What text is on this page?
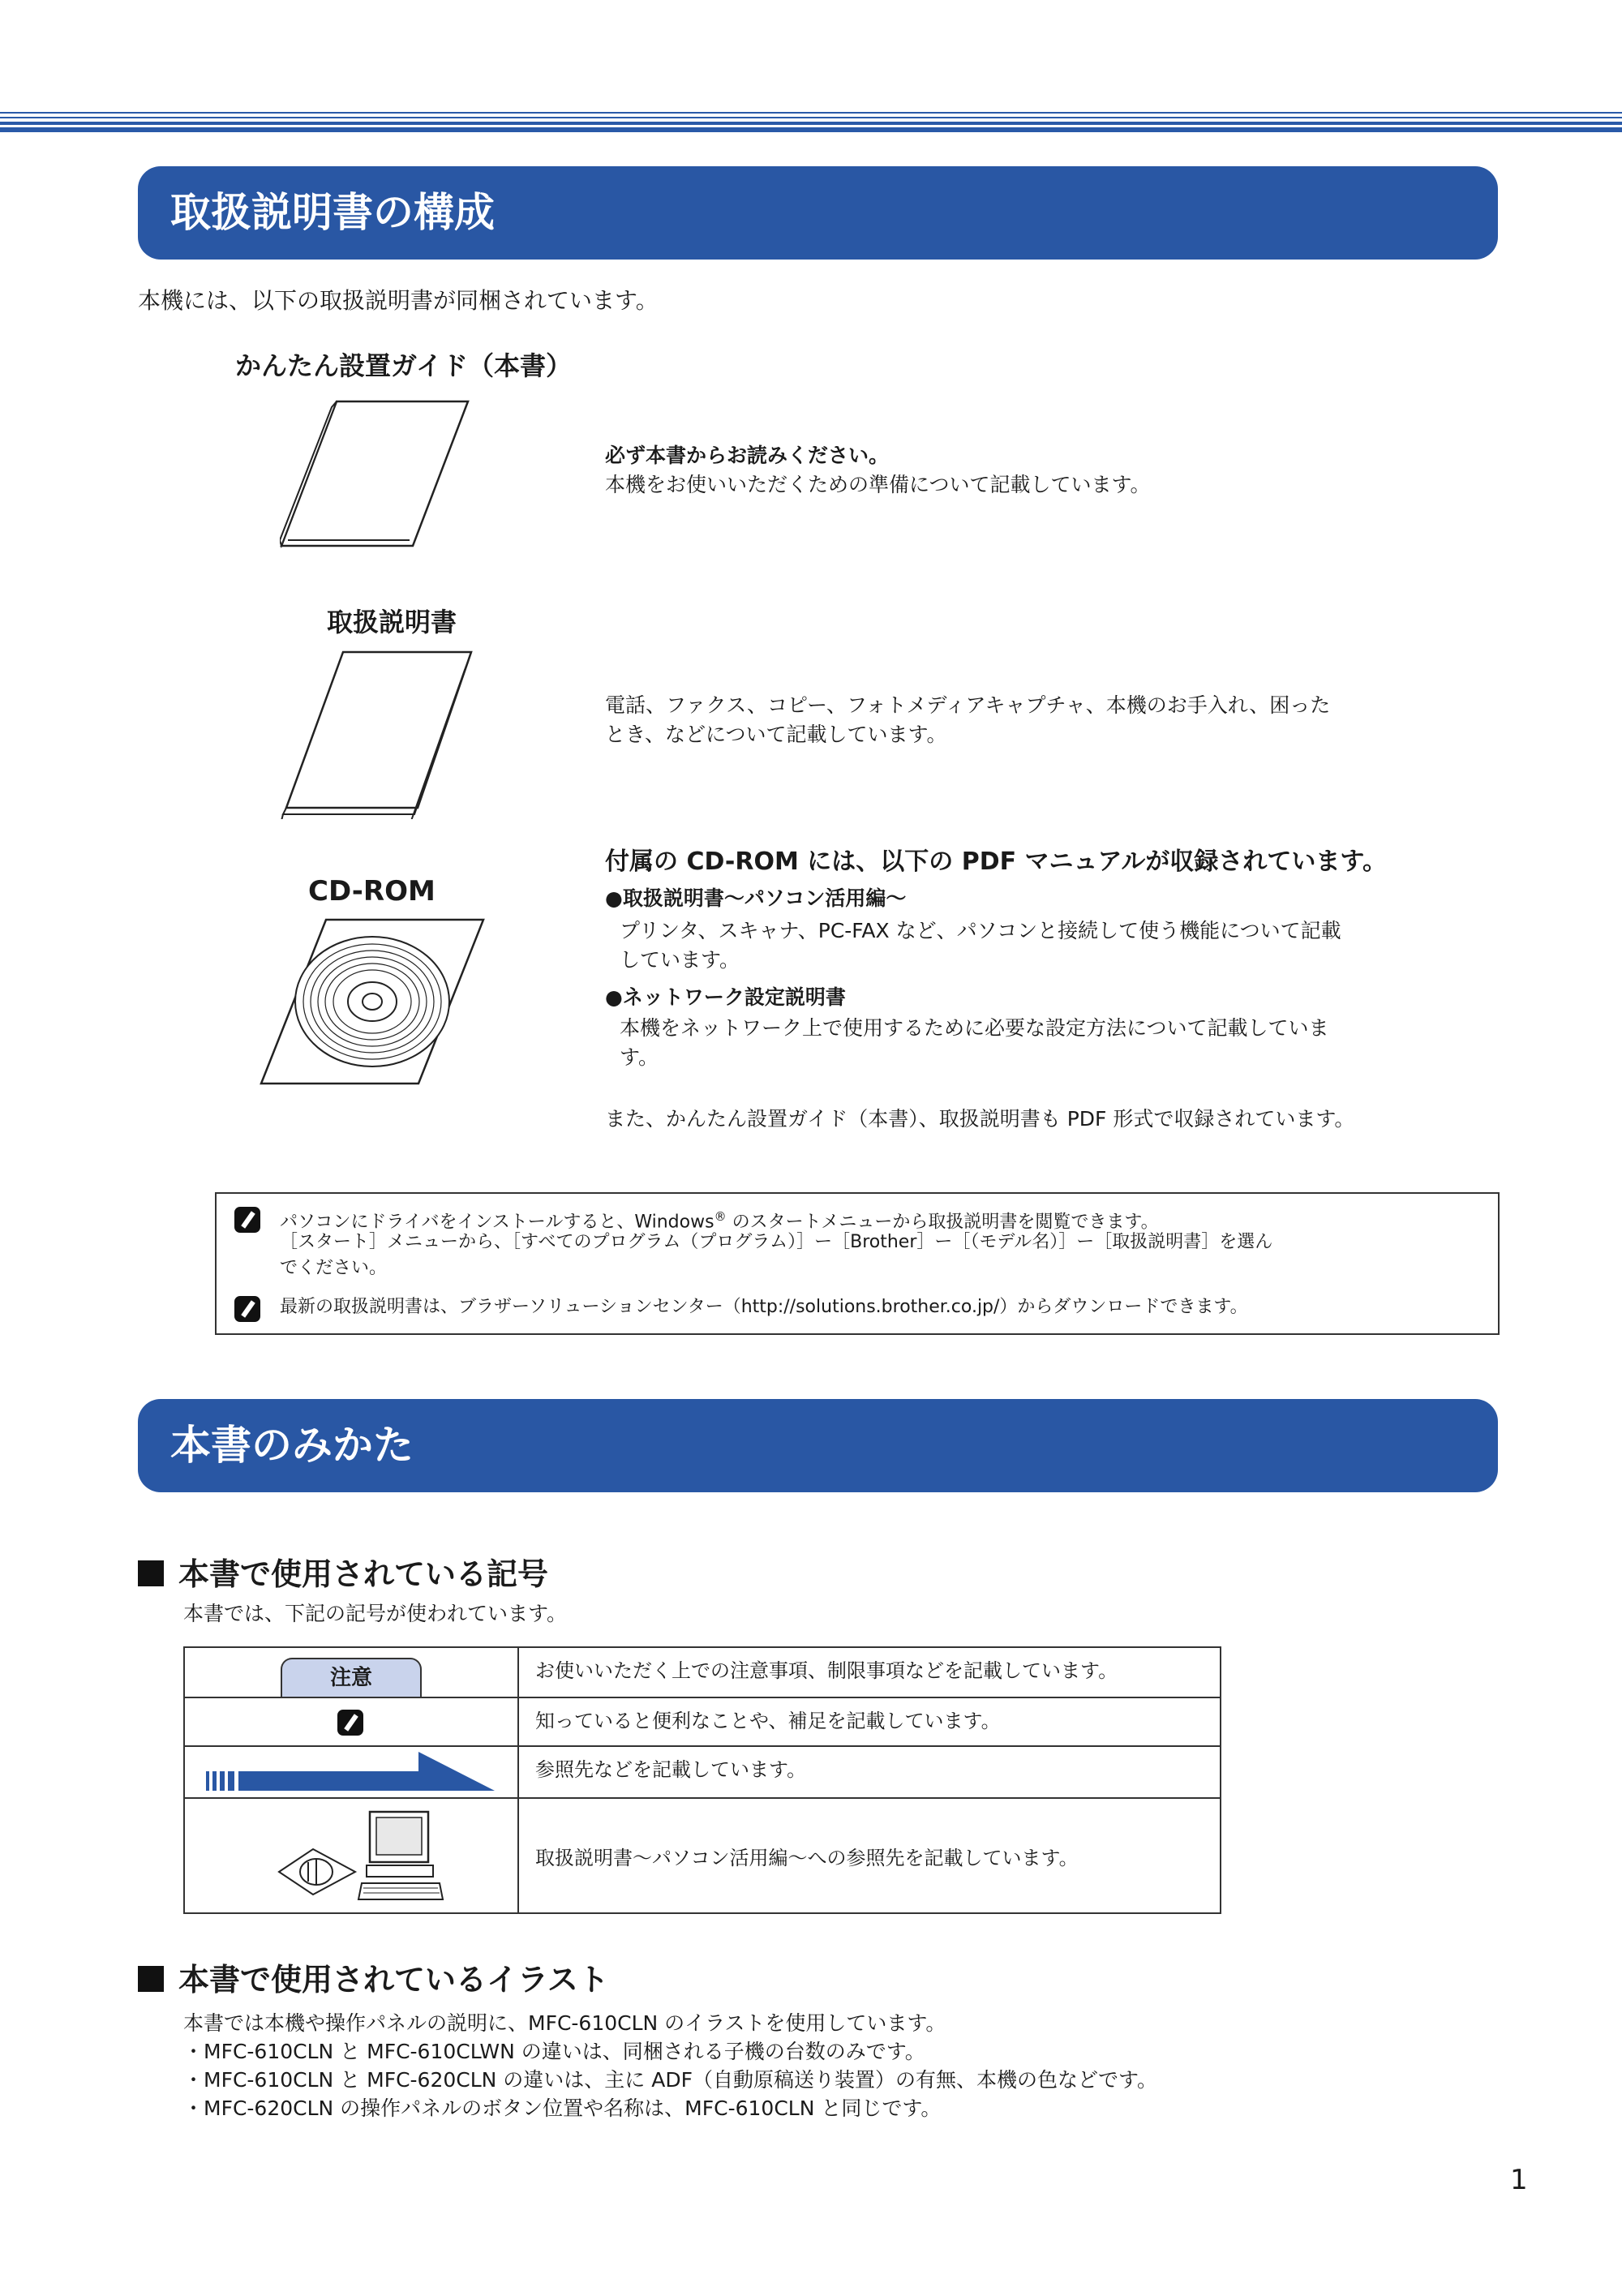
取扱説明書の構成
本機には、以下の取扱説明書が同梱されています。
かんたん設置ガイド（本書）
必ず本書からお読みください。
本機をお使いいただくための準備について記載しています。
取扱説明書
電話、ファクス、コピー、フォトメディアキャプチャ、本機のお手入れ、困った
とき、などについて記載しています。
CD-ROM
付属の CD-ROM には、以下の PDF マニュアルが収録されています。
●取扱説明書～パソコン活用編～
プリンタ、スキャナ、PC-FAX など、パソコンと接続して使う機能について記載
しています。
●ネットワーク設定説明書
本機をネットワーク上で使用するために必要な設定方法について記載していま
す。
また、かんたん設置ガイド（本書）、取扱説明書も PDF 形式で収録されています。
パソコンにドライバをインストールすると、Windows® のスタートメニューから取扱説明書を閲覧できます。
［スタート］メニューから、［すべてのプログラム（プログラム）］ー［Brother］ー［（モデル名）］ー［取扱説明書］を選ん
でください。
最新の取扱説明書は、ブラザーソリューションセンター（http://solutions.brother.co.jp/）からダウンロードできます。
本書のみかた
本書で使用されている記号
本書では、下記の記号が使われています。
注意	お使いいただく上での注意事項、制限事項などを記載しています。

	知っていると便利なことや、補足を記載しています。

	参照先などを記載しています。

	取扱説明書～パソコン活用編～への参照先を記載しています。
本書で使用されているイラスト
本書では本機や操作パネルの説明に、MFC-610CLN のイラストを使用しています。
・MFC-610CLN と MFC-610CLWN の違いは、同梱される子機の台数のみです。
・MFC-610CLN と MFC-620CLN の違いは、主に ADF（自動原稿送り装置）の有無、本機の色などです。
・MFC-620CLN の操作パネルのボタン位置や名称は、MFC-610CLN と同じです。
1
